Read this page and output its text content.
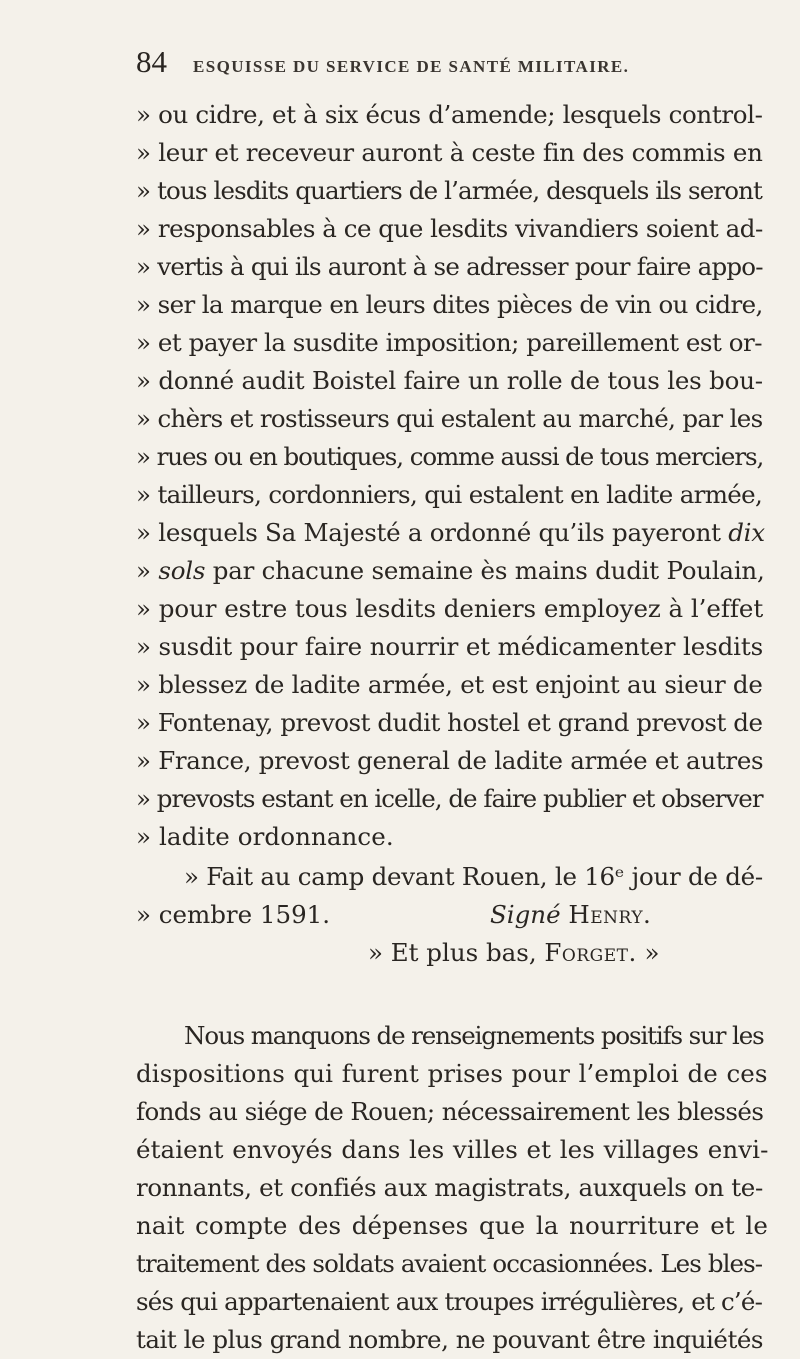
84 ESQUISSE DU SERVICE DE SANTÉ MILITAIRE.
» ou cidre, et à six écus d’amende; lesquels control-
» leur et receveur auront à ceste fin des commis en
» tous lesdits quartiers de l’armée, desquels ils seront
» responsables à ce que lesdits vivandiers soient ad-
» vertis à qui ils auront à se adresser pour faire appo-
» ser la marque en leurs dites pièces de vin ou cidre,
» et payer la susdite imposition; pareillement est or-
» donné audit Boistel faire un rolle de tous les bou-
» chèrs et rostisseurs qui estalent au marché, par les
» rues ou en boutiques, comme aussi de tous merciers,
» tailleurs, cordonniers, qui estalent en ladite armée,
» lesquels Sa Majesté a ordonné qu’ils payeront dix
» sols par chacune semaine ès mains dudit Poulain,
» pour estre tous lesdits deniers employez à l’effet
» susdit pour faire nourrir et médicamenter lesdits
» blessez de ladite armée, et est enjoint au sieur de
» Fontenay, prevost dudit hostel et grand prevost de
» France, prevost general de ladite armée et autres
» prevosts estant en icelle, de faire publier et observer
» ladite ordonnance.
» Fait au camp devant Rouen, le 16ᵉ jour de dé-
» cembre 1591.	Signé Henry.
» Et plus bas, Forget. »
Nous manquons de renseignements positifs sur les
dispositions qui furent prises pour l’emploi de ces
fonds au siége de Rouen; nécessairement les blessés
étaient envoyés dans les villes et les villages envi-
ronnants, et confiés aux magistrats, auxquels on te-
nait compte des dépenses que la nourriture et le
traitement des soldats avaient occasionnées. Les bles-
sés qui appartenaient aux troupes irrégulières, et c’é-
tait le plus grand nombre, ne pouvant être inquiétés
